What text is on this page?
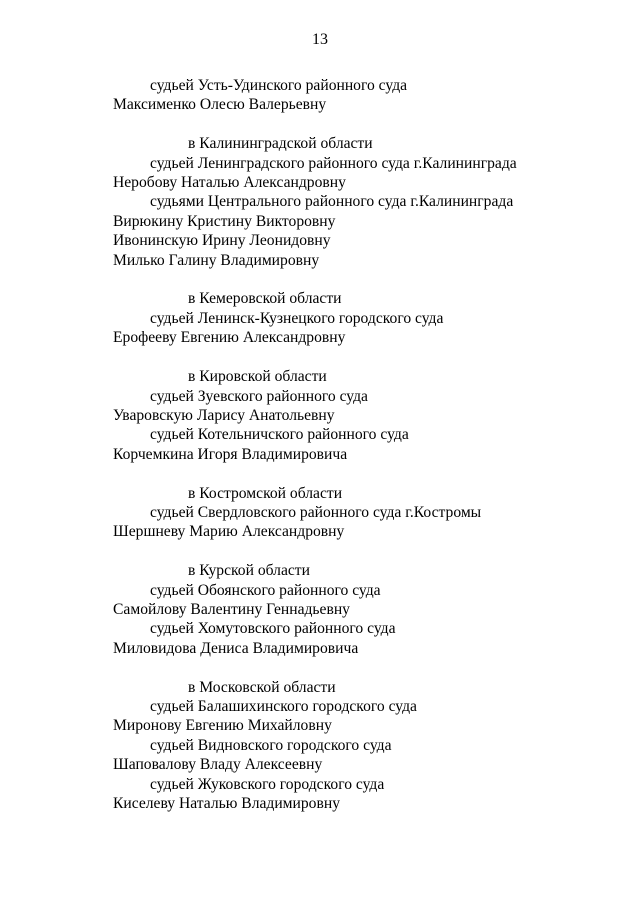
13
судьей Усть-Удинского районного суда
Максименко Олесю Валерьевну
в Калининградской области
судьей Ленинградского районного суда г.Калининграда
Неробову Наталью Александровну
судьями Центрального районного суда г.Калининграда
Вирюкину Кристину Викторовну
Ивонинскую Ирину Леонидовну
Милько Галину Владимировну
в Кемеровской области
судьей Ленинск-Кузнецкого городского суда
Ерофееву Евгению Александровну
в Кировской области
судьей Зуевского районного суда
Уваровскую Ларису Анатольевну
судьей Котельничского районного суда
Корчемкина Игоря Владимировича
в Костромской области
судьей Свердловского районного суда г.Костромы
Шершневу Марию Александровну
в Курской области
судьей Обоянского районного суда
Самойлову Валентину Геннадьевну
судьей Хомутовского районного суда
Миловидова Дениса Владимировича
в Московской области
судьей Балашихинского городского суда
Миронову Евгению Михайловну
судьей Видновского городского суда
Шаповалову Владу Алексеевну
судьей Жуковского городского суда
Киселеву Наталью Владимировну
